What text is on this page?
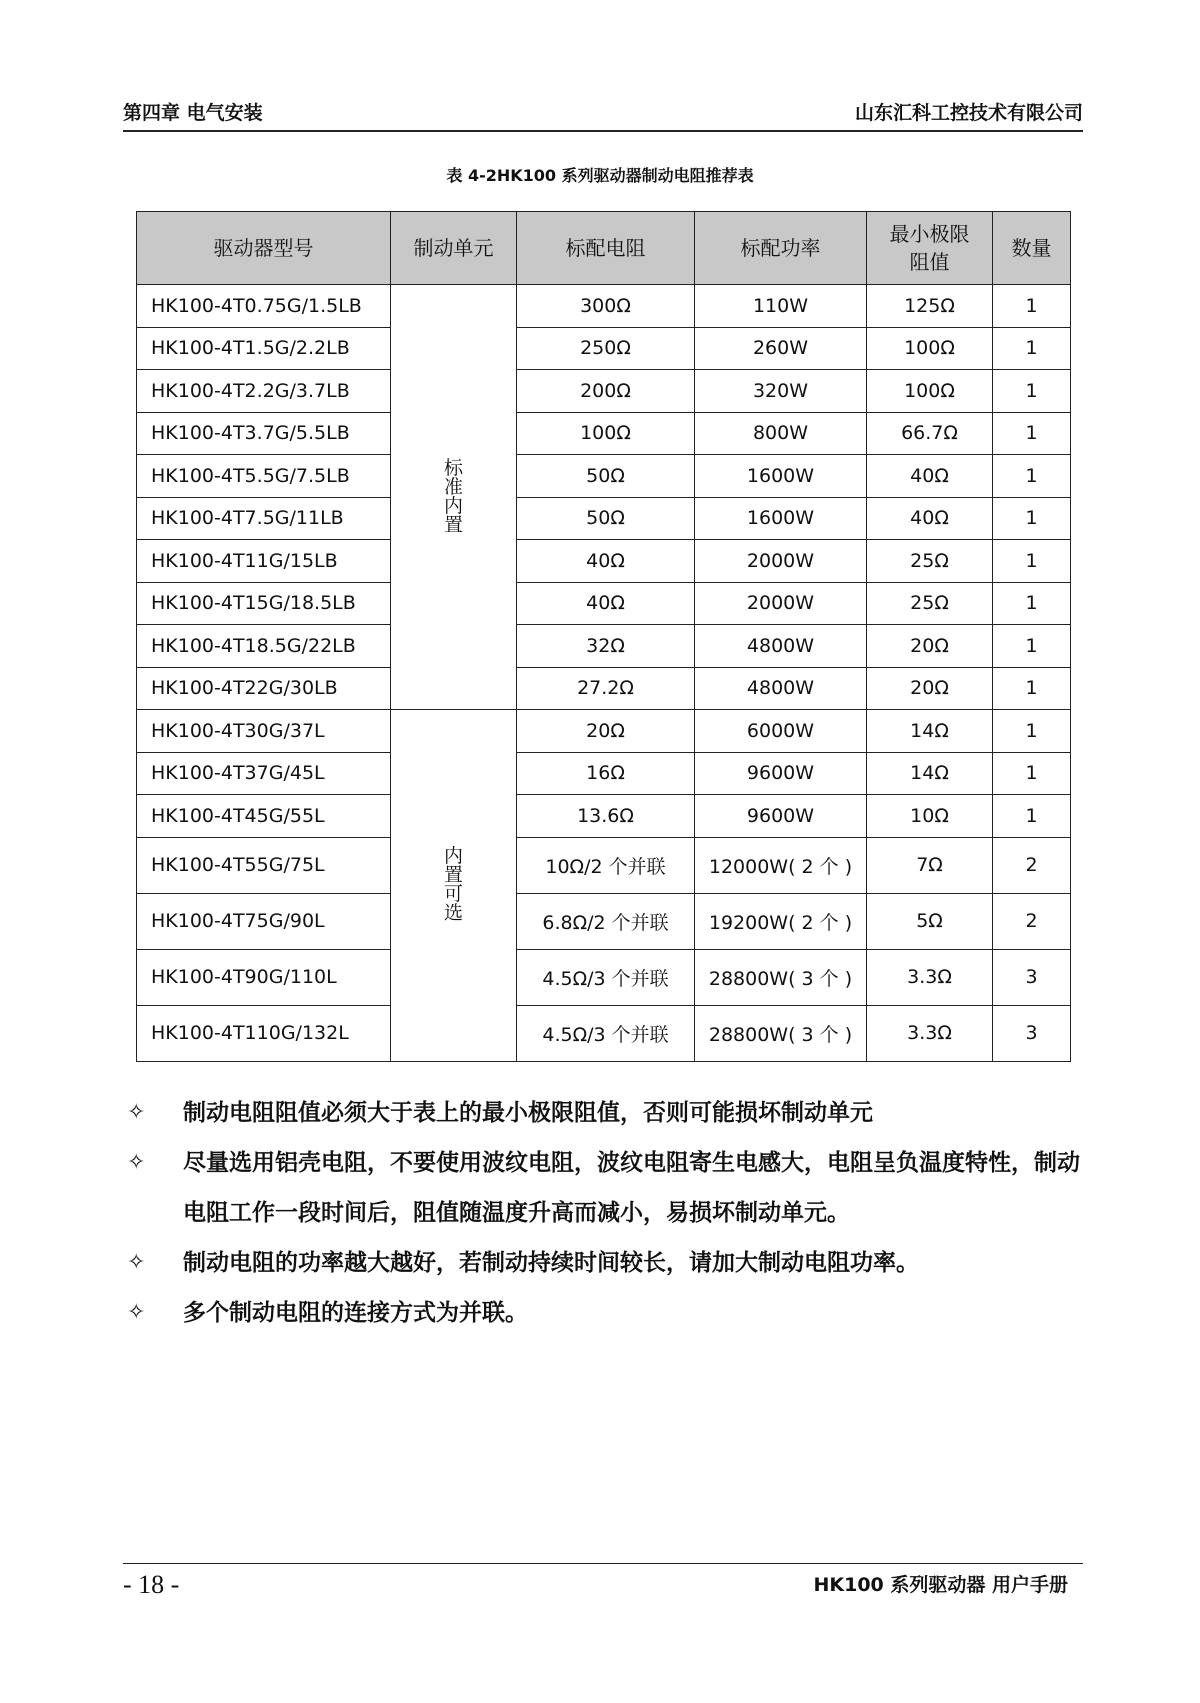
第四章 电气安装	山东汇科工控技术有限公司
表 4-2HK100 系列驱动器制动电阻推荐表
驱动器型号	制动单元	标配电阻	标配功率	最小极限阻值	数量
HK100-4T0.75G/1.5LB	标准内置	300Ω	110W	125Ω	1
HK100-4T1.5G/2.2LB		250Ω	260W	100Ω	1
HK100-4T2.2G/3.7LB		200Ω	320W	100Ω	1
HK100-4T3.7G/5.5LB		100Ω	800W	66.7Ω	1
HK100-4T5.5G/7.5LB		50Ω	1600W	40Ω	1
HK100-4T7.5G/11LB		50Ω	1600W	40Ω	1
HK100-4T11G/15LB		40Ω	2000W	25Ω	1
HK100-4T15G/18.5LB		40Ω	2000W	25Ω	1
HK100-4T18.5G/22LB		32Ω	4800W	20Ω	1
HK100-4T22G/30LB		27.2Ω	4800W	20Ω	1
HK100-4T30G/37L	内置可选	20Ω	6000W	14Ω	1
HK100-4T37G/45L		16Ω	9600W	14Ω	1
HK100-4T45G/55L		13.6Ω	9600W	10Ω	1
HK100-4T55G/75L		10Ω/2 个并联	12000W( 2 个 )	7Ω	2
HK100-4T75G/90L		6.8Ω/2 个并联	19200W( 2 个 )	5Ω	2
HK100-4T90G/110L		4.5Ω/3 个并联	28800W( 3 个 )	3.3Ω	3
HK100-4T110G/132L		4.5Ω/3 个并联	28800W( 3 个 )	3.3Ω	3
✧ 制动电阻阻值必须大于表上的最小极限阻值，否则可能损坏制动单元
✧ 尽量选用铝壳电阻，不要使用波纹电阻，波纹电阻寄生电感大，电阻呈负温度特性，制动电阻工作一段时间后，阻值随温度升高而减小，易损坏制动单元。
✧ 制动电阻的功率越大越好，若制动持续时间较长，请加大制动电阻功率。
✧ 多个制动电阻的连接方式为并联。
- 18 -	HK100 系列驱动器 用户手册
